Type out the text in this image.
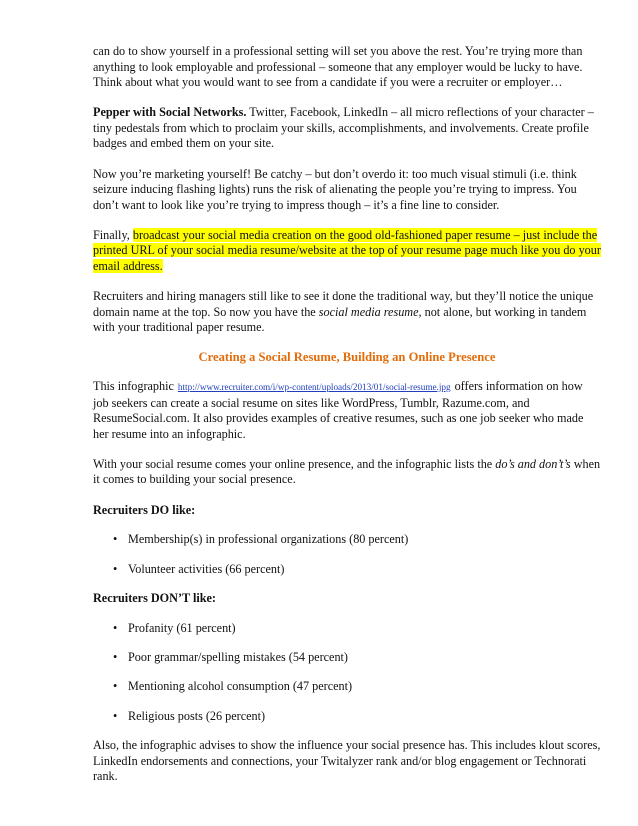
can do to show yourself in a professional setting will set you above the rest. You’re trying more than anything to look employable and professional – someone that any employer would be lucky to have. Think about what you would want to see from a candidate if you were a recruiter or employer…

Pepper with Social Networks. Twitter, Facebook, LinkedIn – all micro reflections of your character – tiny pedestals from which to proclaim your skills, accomplishments, and involvements. Create profile badges and embed them on your site.

Now you’re marketing yourself! Be catchy – but don’t overdo it: too much visual stimuli (i.e. think seizure inducing flashing lights) runs the risk of alienating the people you’re trying to impress. You don’t want to look like you’re trying to impress though – it’s a fine line to consider.

Finally, broadcast your social media creation on the good old-fashioned paper resume – just include the printed URL of your social media resume/website at the top of your resume page much like you do your email address.

Recruiters and hiring managers still like to see it done the traditional way, but they’ll notice the unique domain name at the top. So now you have the social media resume, not alone, but working in tandem with your traditional paper resume.

Creating a Social Resume, Building an Online Presence

This infographic http://www.recruiter.com/i/wp-content/uploads/2013/01/social-resume.jpg offers information on how job seekers can create a social resume on sites like WordPress, Tumblr, Razume.com, and ResumeSocial.com. It also provides examples of creative resumes, such as one job seeker who made her resume into an infographic.

With your social resume comes your online presence, and the infographic lists the do’s and don’t’s when it comes to building your social presence.

Recruiters DO like:

• Membership(s) in professional organizations (80 percent)
• Volunteer activities (66 percent)

Recruiters DON’T like:

• Profanity (61 percent)
• Poor grammar/spelling mistakes (54 percent)
• Mentioning alcohol consumption (47 percent)
• Religious posts (26 percent)

Also, the infographic advises to show the influence your social presence has. This includes klout scores, LinkedIn endorsements and connections, your Twitalyzer rank and/or blog engagement or Technorati rank.
